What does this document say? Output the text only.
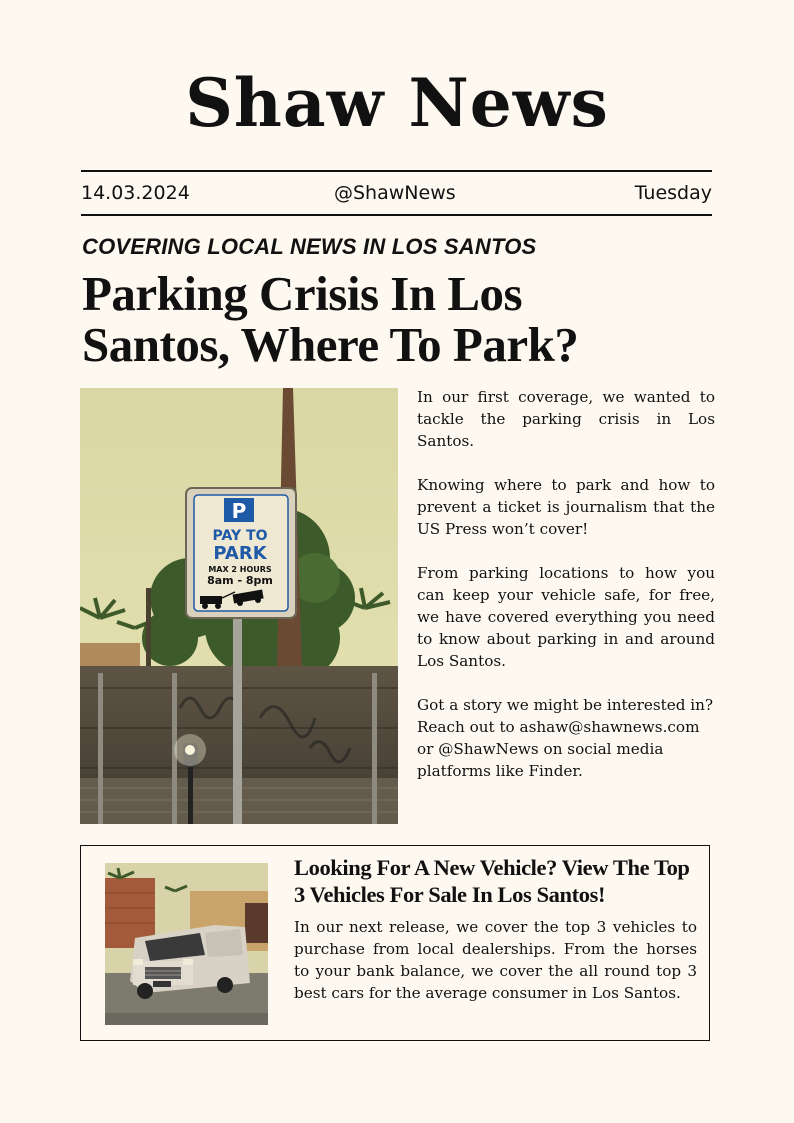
Shaw News
14.03.2024	@ShawNews	Tuesday
COVERING LOCAL NEWS IN LOS SANTOS
Parking Crisis In Los
Santos, Where To Park?
P
PAY TO
PARK
MAX 2 HOURS
8am - 8pm

In our first coverage, we wanted to tackle the parking crisis in Los Santos.

Knowing where to park and how to prevent a ticket is journalism that the US Press won’t cover!

From parking locations to how you can keep your vehicle safe, for free, we have covered everything you need to know about parking in and around Los Santos.

Got a story we might be interested in? Reach out to ashaw@shawnews.com or @ShawNews on social media platforms like Finder.

Looking For A New Vehicle? View The Top 3 Vehicles For Sale In Los Santos!
In our next release, we cover the top 3 vehicles to purchase from local dealerships. From the horses to your bank balance, we cover the all round top 3 best cars for the average consumer in Los Santos.
